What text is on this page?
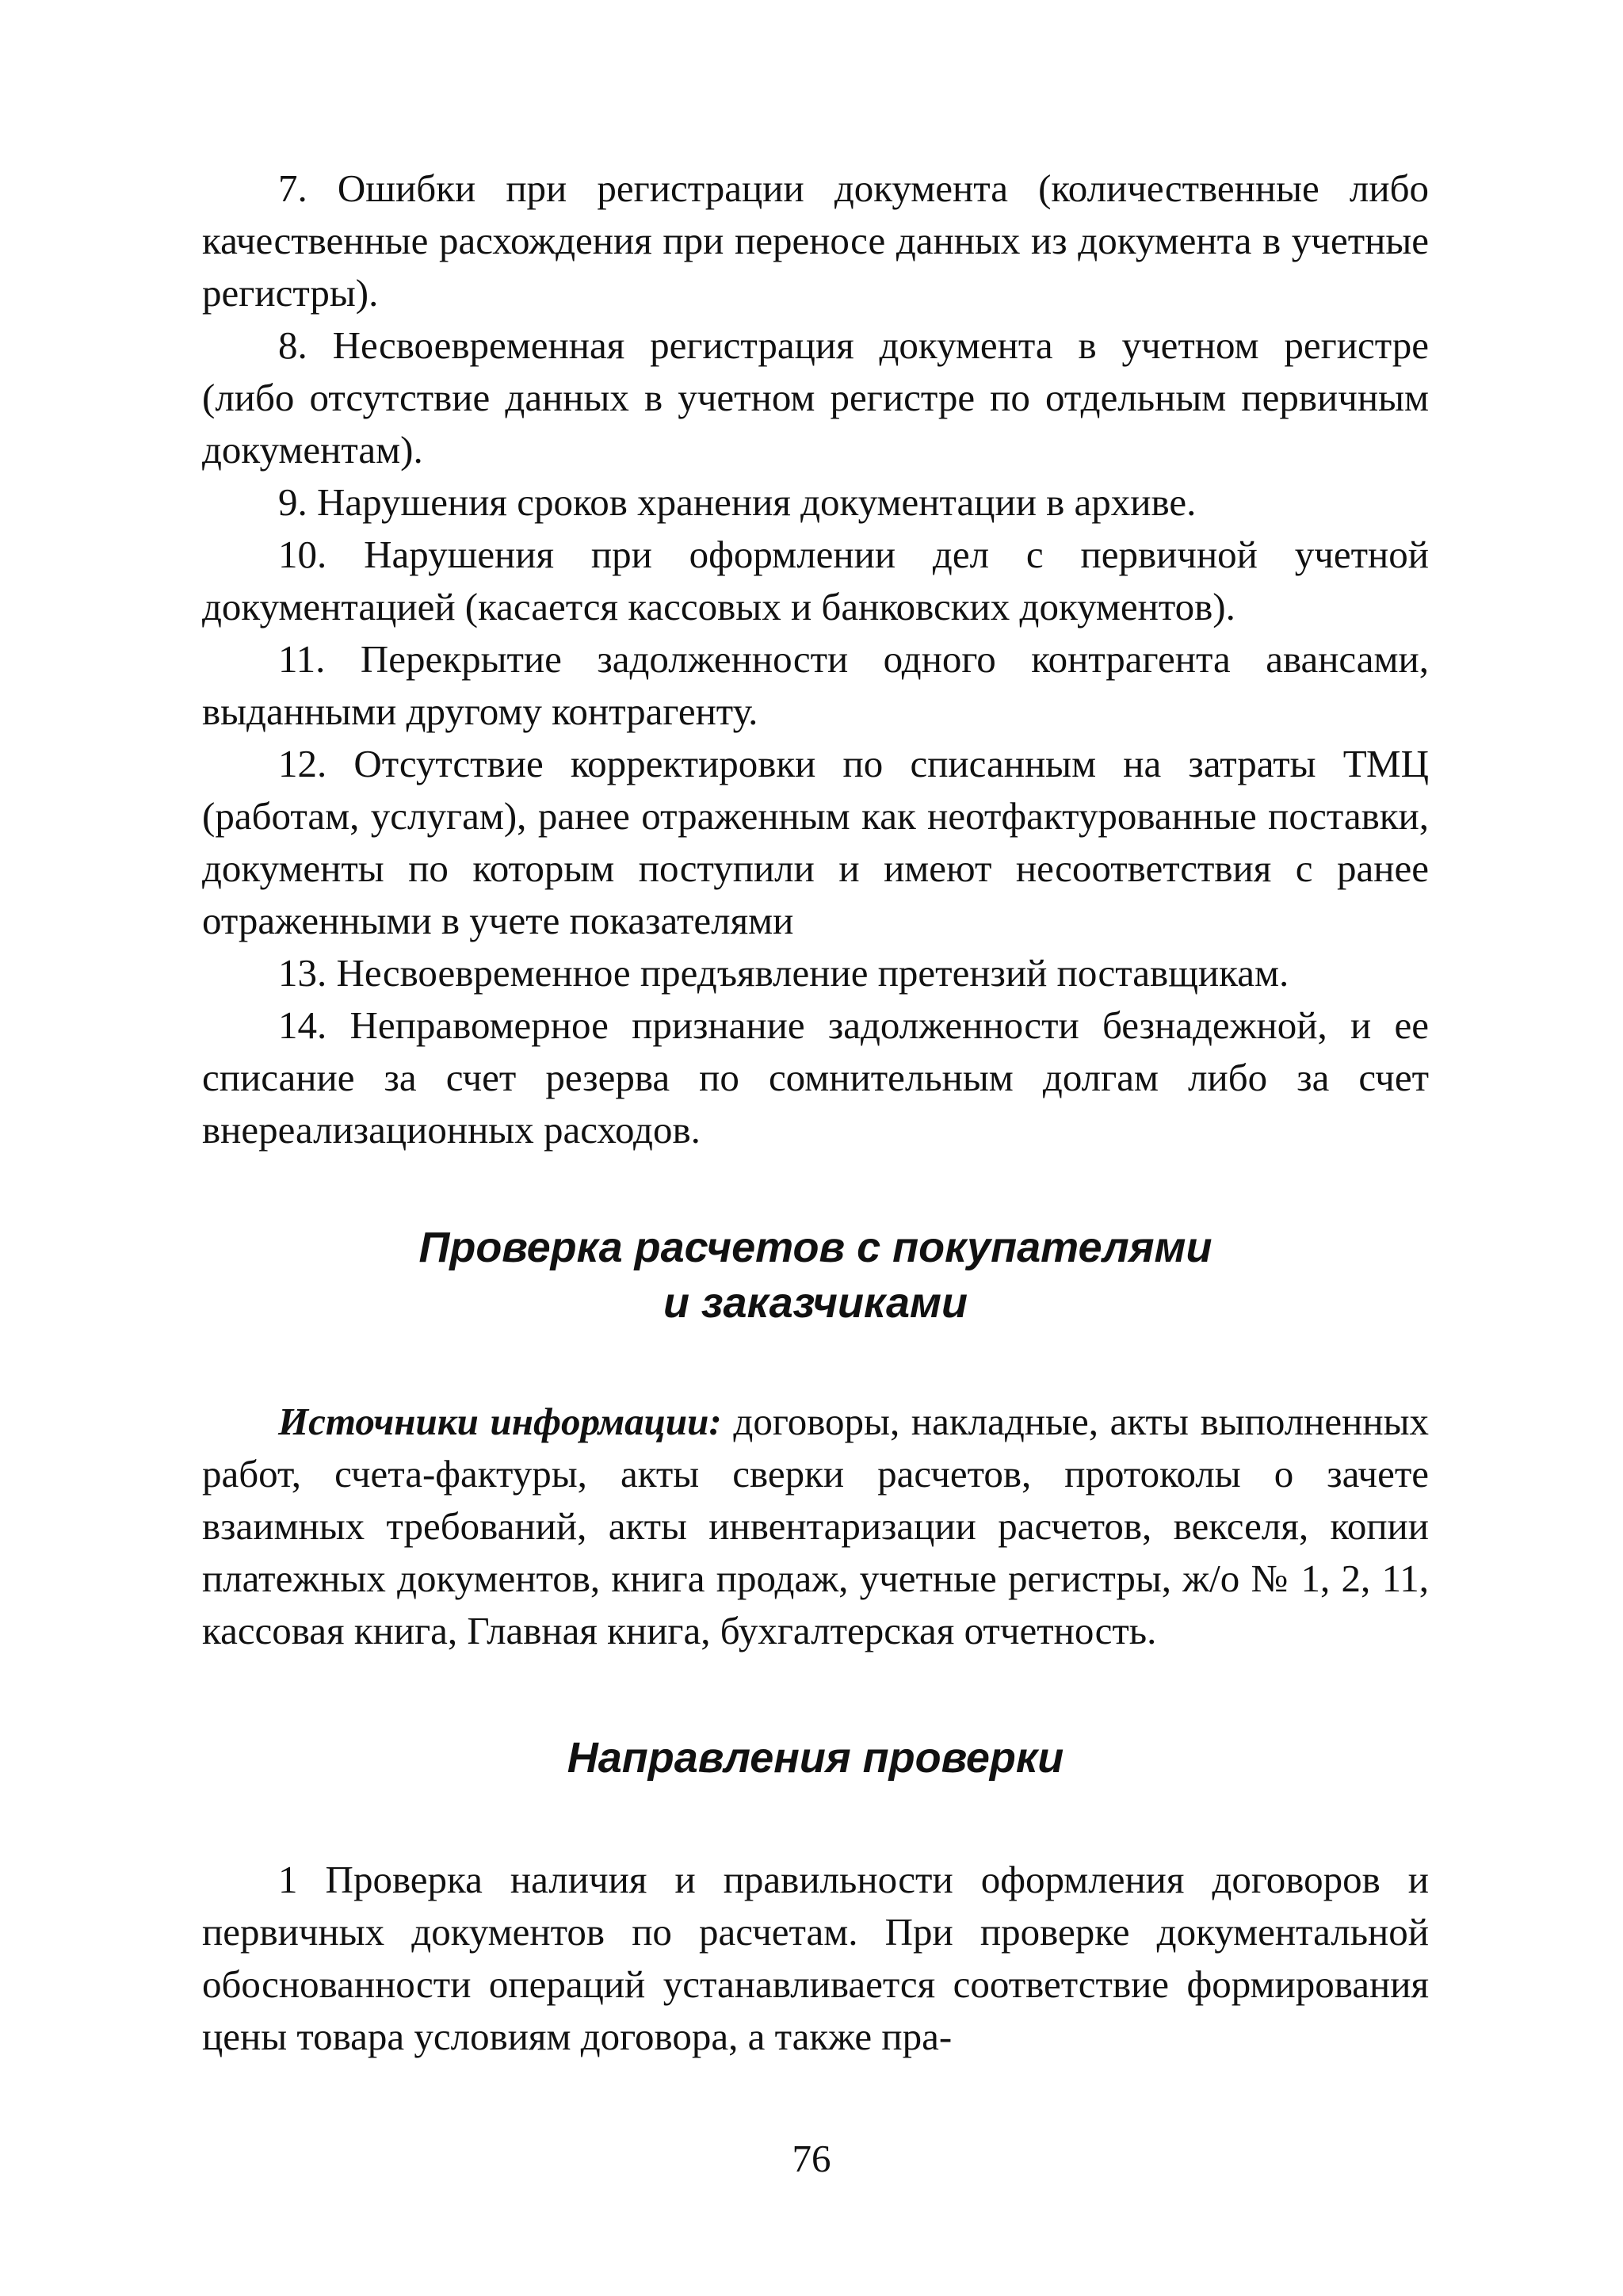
7. Ошибки при регистрации документа (количественные либо качественные расхождения при переносе данных из документа в учетные регистры).

8. Несвоевременная регистрация документа в учетном регистре (либо отсутствие данных в учетном регистре по отдельным первичным документам).

9. Нарушения сроков хранения документации в архиве.

10. Нарушения при оформлении дел с первичной учетной документацией (касается кассовых и банковских документов).

11. Перекрытие задолженности одного контрагента авансами, выданными другому контрагенту.

12. Отсутствие корректировки по списанным на затраты ТМЦ (работам, услугам), ранее отраженным как неотфактурованные поставки, документы по которым поступили и имеют несоответствия с ранее отраженными в учете показателями

13. Несвоевременное предъявление претензий поставщикам.

14. Неправомерное признание задолженности безнадежной, и ее списание за счет резерва по сомнительным долгам либо за счет внереализационных расходов.

Проверка расчетов с покупателями
и заказчиками

Источники информации: договоры, накладные, акты выполненных работ, счета-фактуры, акты сверки расчетов, протоколы о зачете взаимных требований, акты инвентаризации расчетов, векселя, копии платежных документов, книга продаж, учетные регистры, ж/о № 1, 2, 11, кассовая книга, Главная книга, бухгалтерская отчетность.

Направления проверки

1 Проверка наличия и правильности оформления договоров и первичных документов по расчетам. При проверке документальной обоснованности операций устанавливается соответствие формирования цены товара условиям договора, а также пра-

76
